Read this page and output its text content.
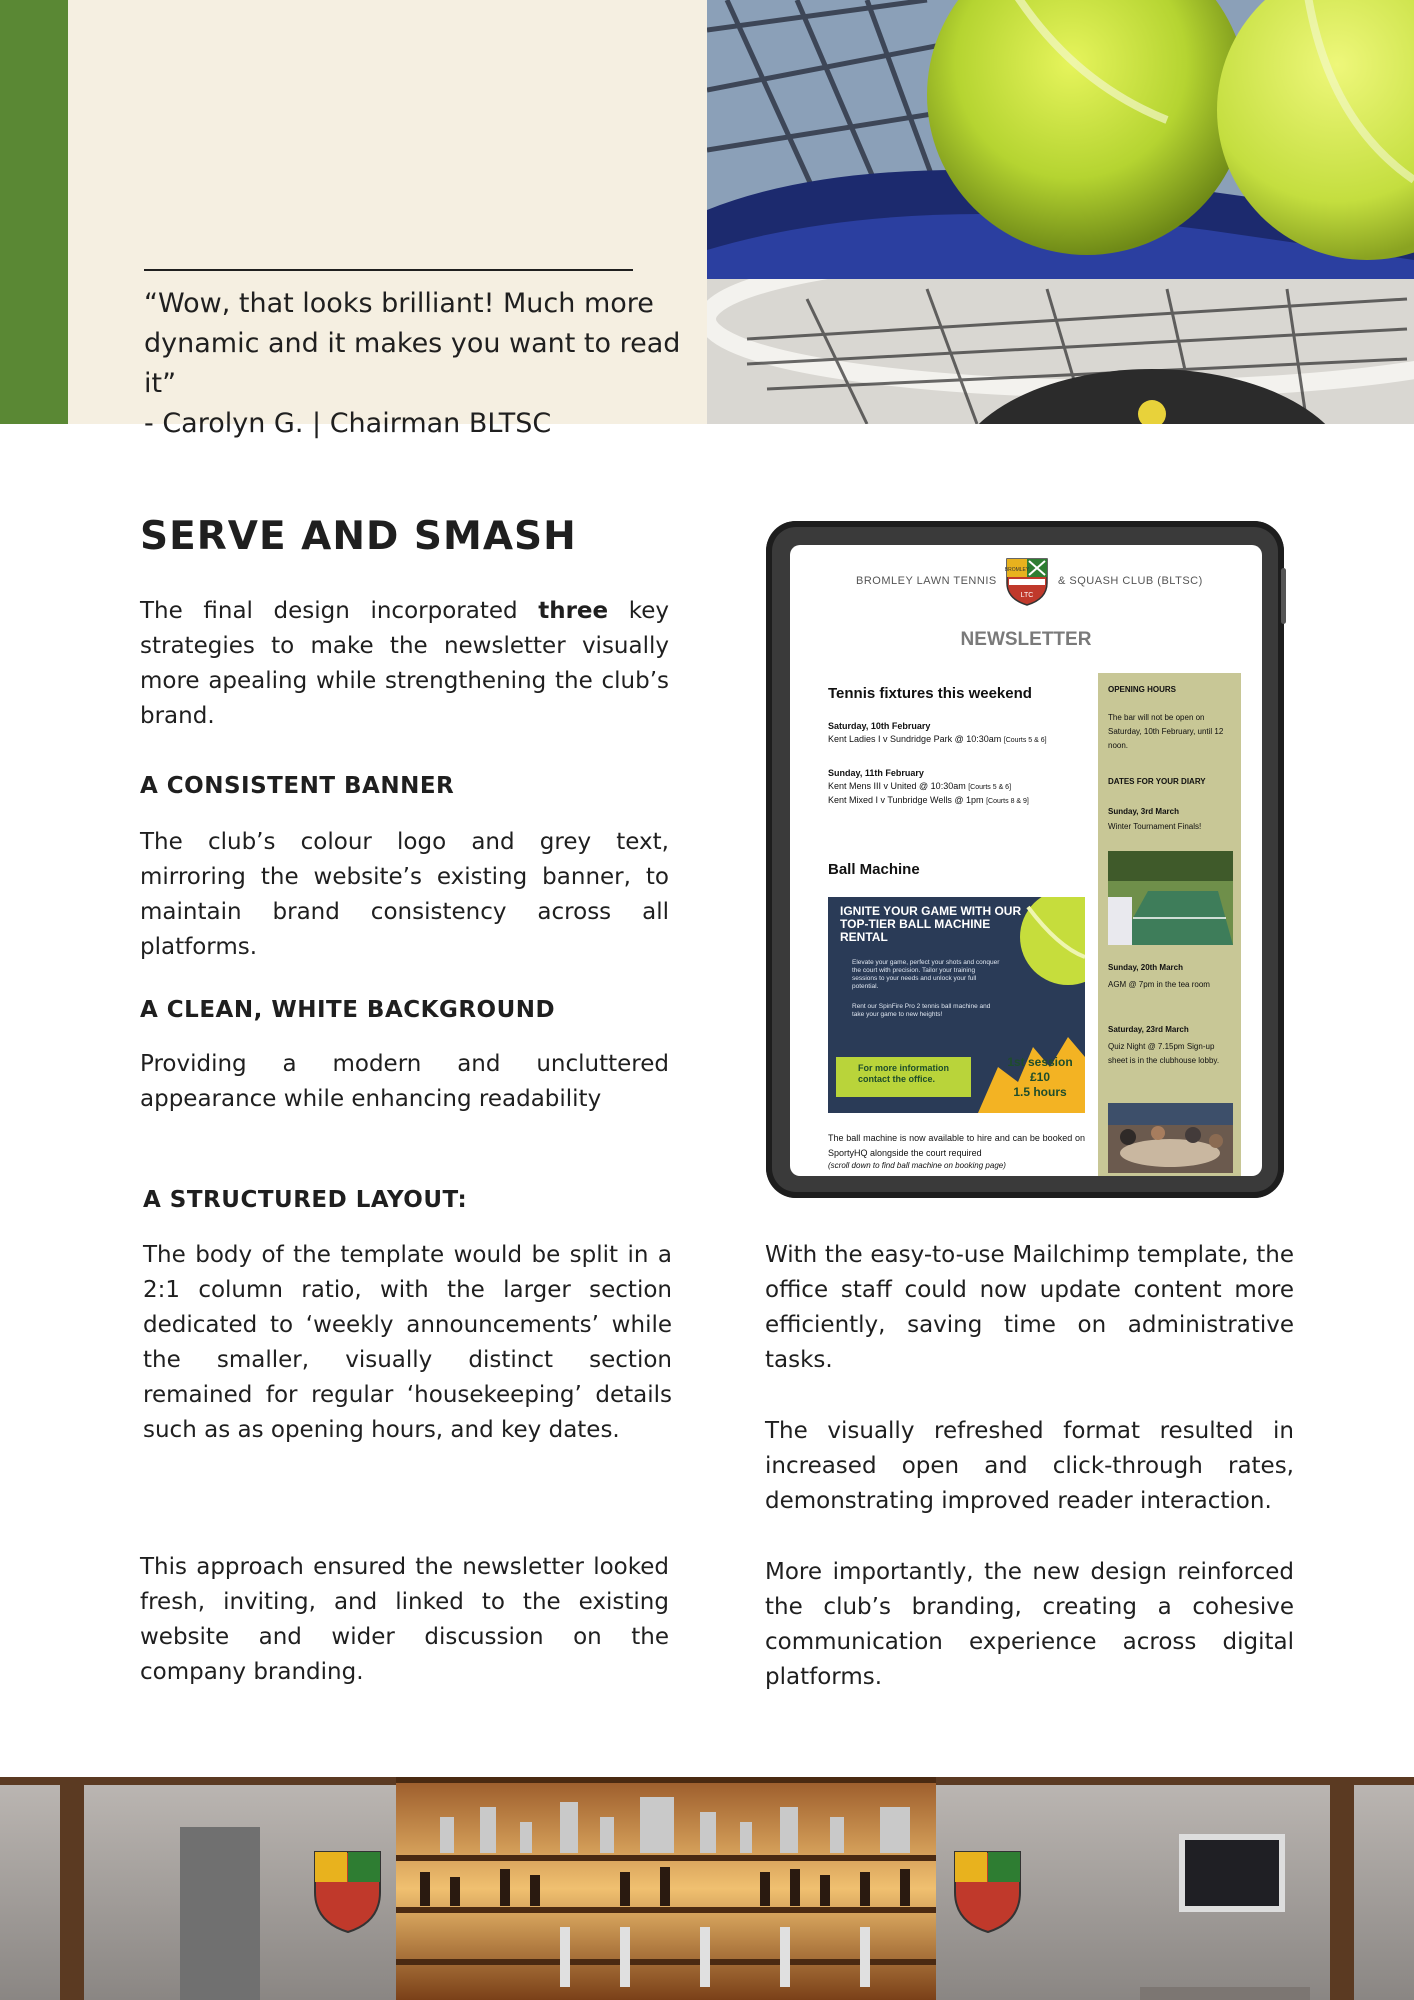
“Wow, that looks brilliant! Much more
dynamic and it makes you want to read it”
- Carolyn G. | Chairman BLTSC
SERVE AND SMASH
The final design incorporated three key strategies to make the newsletter visually more apealing while strengthening the club’s brand.
A CONSISTENT BANNER
The club’s colour logo and grey text, mirroring the website’s existing banner, to maintain brand consistency across all platforms.
A CLEAN, WHITE BACKGROUND
Providing a modern and uncluttered appearance while enhancing readability
A STRUCTURED LAYOUT:
The body of the template would be split in a 2:1 column ratio, with the larger section dedicated to ‘weekly announcements’ while the smaller, visually distinct section remained for regular ‘housekeeping’ details such as as opening hours, and key dates.
This approach ensured the newsletter looked fresh, inviting, and linked to the existing website and wider discussion on the company branding.
With the easy-to-use Mailchimp template, the office staff could now update content more efficiently, saving time on administrative tasks.
The visually refreshed format resulted in increased open and click-through rates, demonstrating improved reader interaction.
More importantly, the new design reinforced the club’s branding, creating a cohesive communication experience across digital platforms.
BROMLEY LAWN TENNIS
BROMLEY
LTC
& SQUASH CLUB (BLTSC)
NEWSLETTER
Tennis fixtures this weekend
Saturday, 10th February
Kent Ladies I v Sundridge Park @ 10:30am [Courts 5 & 6]
Sunday, 11th February
Kent Mens III v United @ 10:30am [Courts 5 & 6]
Kent Mixed I v Tunbridge Wells @ 1pm [Courts 8 & 9]
Ball Machine
IGNITE YOUR GAME WITH OUR TOP-TIER BALL MACHINE RENTAL
Elevate your game, perfect your shots and conquer the court with precision. Tailor your training sessions to your needs and unlock your full potential.
Rent our SpinFire Pro 2 tennis ball machine and take your game to new heights!
For more information contact the office.
1st session
£10
1.5 hours
The ball machine is now available to hire and can be booked on SportyHQ alongside the court required
(scroll down to find ball machine on booking page)
OPENING HOURS
The bar will not be open on Saturday, 10th February, until 12 noon.
DATES FOR YOUR DIARY
Sunday, 3rd March
Winter Tournament Finals!
Sunday, 20th March
AGM @ 7pm in the tea room
Saturday, 23rd March
Quiz Night @ 7.15pm Sign-up sheet is in the clubhouse lobby.
